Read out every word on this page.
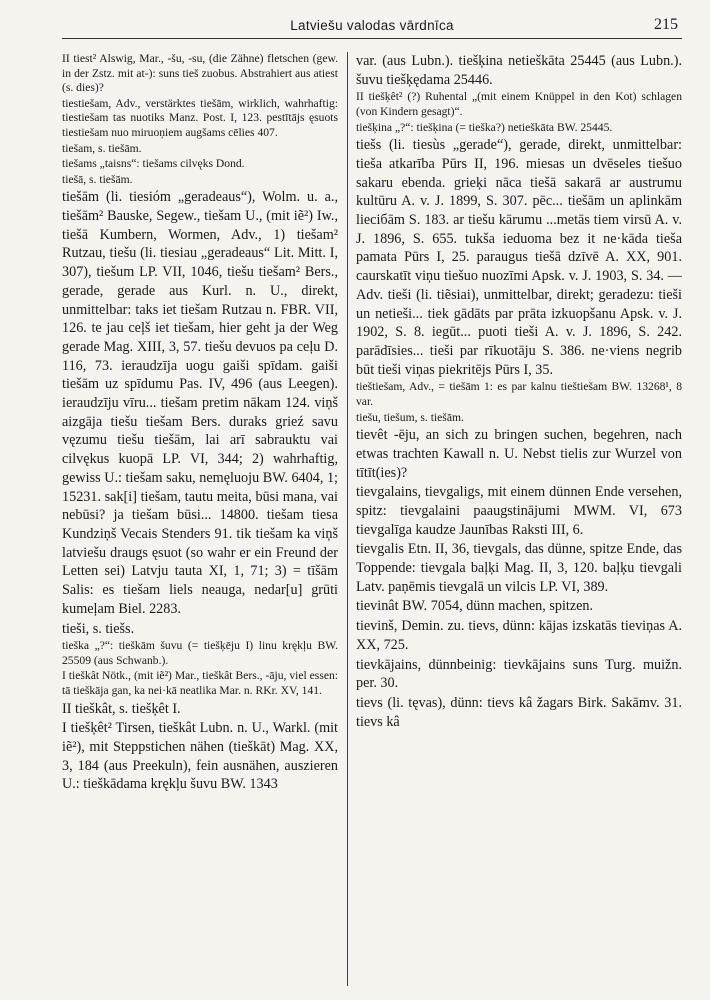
Latviešu valodas vārdnīca	215

II tiest² Alswig, Mar., -šu, -su, (die Zähne) fletschen (gew. in der Zstz. mit at-): suns tieš zuobus. Abstrahiert aus atiest (s. dies)?

tiestiešam, Adv., verstärktes tiešām, wirklich, wahrhaftig: tiestiešam tas nuotiks Manz. Post. I, 123. pestītājs ęsuots tiestiešam nuo miruoņiem augšams cēlies 407.

tiešam, s. tiešām.

tiešams „taisns“: tiešams cilvęks Dond.

tiešā, s. tiešām.

tiešām (li. tiesióm „geradeaus“), Wolm. u. a., tiešām² Bauske, Segew., tiešam U., (mit iẽ²) Iw., tiešā Kumbern, Wormen, Adv., 1) tiešam² Rutzau, tiešu (li. tiesiau „geradeaus“ Lit. Mitt. I, 307), tiešum LP. VII, 1046, tiešu tiešam² Bers., gerade, gerade aus Kurl. n. U., direkt, unmittelbar: taks iet tiešam Rutzau n. FBR. VII, 126. te jau ceļš iet tiešam, hier geht ja der Weg gerade Mag. XIII, 3, 57. tiešu devuos pa ceļu D. 116, 73. ieraudzīja uogu gaiši spīdam. gaiši tiešām uz spīdumu Pas. IV, 496 (aus Leegen). ieraudzīju vīru... tiešam pretim nākam 124. viņš aizgāja tiešu tiešam Bers. duraks grieź savu vęzumu tiešu tiešām, lai arī sabrauktu vai cilvękus kuopā LP. VI, 344; 2) wahrhaftig, gewiss U.: tiešam saku, nemęluoju BW. 6404, 1; 15231. sak[i] tiešam, tautu meita, būsi mana, vai nebūsi? ja tiešam būsi... 14800. tiešam tiesa Kundziņš Vecais Stenders 91. tik tiešam ka viņš latviešu draugs ęsuot (so wahr er ein Freund der Letten sei) Latvju tauta XI, 1, 71; 3) = tīšām Salis: es tiešam liels neauga, nedar[u] grūti kumeļam Biel. 2283.

tieši, s. tiešs.

tieška „?“: tieškām šuvu (= tiešķēju I) linu krękļu BW. 25509 (aus Schwanb.).

I tieškât Nötk., (mit iẽ²) Mar., tieškât Bers., -āju, viel essen: tā tieškāja gan, ka nei·kā neatlika Mar. n. RKr. XV, 141.

II tieškât, s. tiešķêt I.

I tiešķêt² Tirsen, tieškât Lubn. n. U., Warkl. (mit iẽ²), mit Steppstichen nähen (tieškāt) Mag. XX, 3, 184 (aus Preekuln), fein ausnähen, auszieren U.: tieškādama krękļu šuvu BW. 1343

var. (aus Lubn.). tiešķina netieškāta 25445 (aus Lubn.). šuvu tiešķędama 25446.

II tiešķêt² (?) Ruhental „(mit einem Knüppel in den Kot) schlagen (von Kindern gesagt)“.

tiešķina „?“: tiešķina (= tieška?) netieškāta BW. 25445.

tiešs (li. tiesùs „gerade“), gerade, direkt, unmittelbar: tieša atkarība Pūrs II, 196. miesas un dvēseles tiešuo sakaru ebenda. grieķi nāca tiešā sakarā ar austrumu kultūru A. v. J. 1899, S. 307. pēc... tiešām un aplinkām lieciбām S. 183. ar tiešu kārumu ...metās tiem virsū A. v. J. 1896, S. 655. tukša ieduoma bez it ne·kāda tieša pamata Pūrs I, 25. paraugus tiešā dzīvē A. XX, 901. caurskatīt viņu tiešuo nuozīmi Apsk. v. J. 1903, S. 34. — Adv. tieši (li. tiẽsiai), unmittelbar, direkt; geradezu: tieši un netieši... tiek gādāts par prāta izkuopšanu Apsk. v. J. 1902, S. 8. iegūt... puoti tieši A. v. J. 1896, S. 242. parādīsies... tieši par rīkuotāju S. 386. ne·viens negrib būt tieši viņas piekritējs Pūrs I, 35.

tieštiešam, Adv., = tiešām 1: es par kalnu tieštiešam BW. 13268¹, 8 var.

tiešu, tiešum, s. tiešām.

tievêt -ēju, an sich zu bringen suchen, begehren, nach etwas trachten Kawall n. U. Nebst tielis zur Wurzel von tītīt(ies)?

tievgalains, tievgaligs, mit einem dünnen Ende versehen, spitz: tievgalaini paaugstinājumi MWM. VI, 673 tievgalīga kaudze Jaunības Raksti III, 6.

tievgalis Etn. II, 36, tievgals, das dünne, spitze Ende, das Toppende: tievgala baļķi Mag. II, 3, 120. baļķu tievgali Latv. paņēmis tievgalā un vilcis LP. VI, 389.

tievinât BW. 7054, dünn machen, spitzen.

tievinš, Demin. zu. tievs, dünn: kājas izskatās tieviņas A. XX, 725.

tievkājains, dünnbeinig: tievkājains suns Turg. muižn. per. 30.

tievs (li. tęvas), dünn: tievs kâ žagars Birk. Sakāmv. 31. tievs kâ
